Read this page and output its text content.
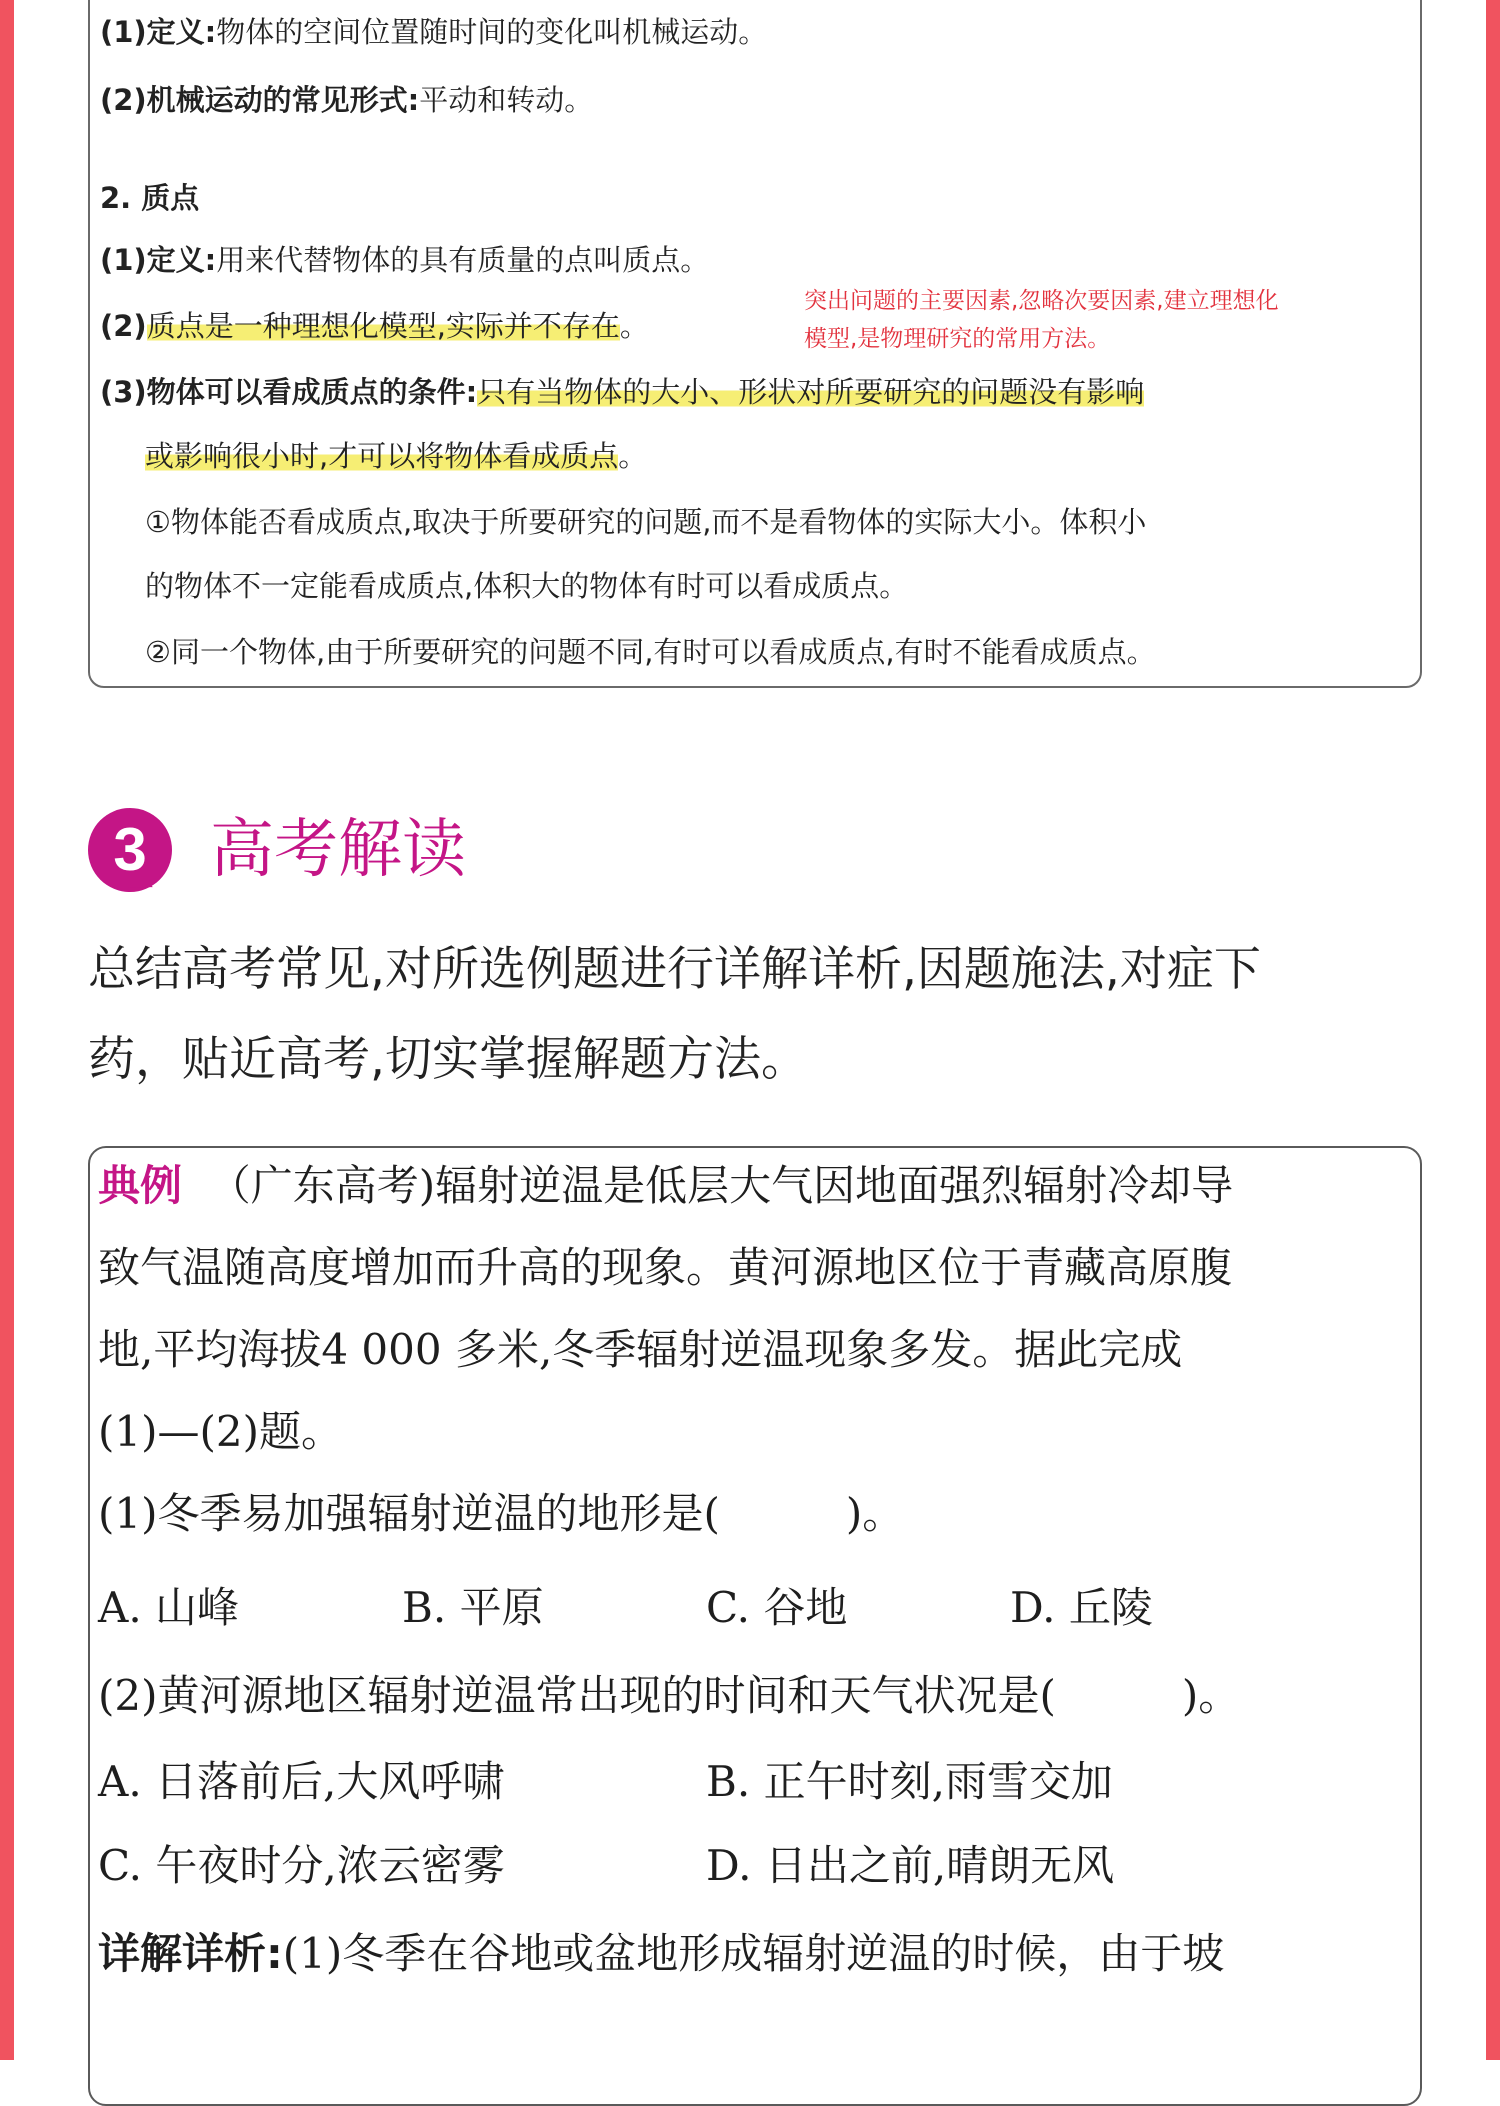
(1)定义:物体的空间位置随时间的变化叫机械运动。
(2)机械运动的常见形式:平动和转动。
2. 质点
(1)定义:用来代替物体的具有质量的点叫质点。
(2)质点是一种理想化模型,实际并不存在。
突出问题的主要因素,忽略次要因素,建立理想化
模型,是物理研究的常用方法。
(3)物体可以看成质点的条件:只有当物体的大小、形状对所要研究的问题没有影响
或影响很小时,才可以将物体看成质点。
①物体能否看成质点,取决于所要研究的问题,而不是看物体的实际大小。体积小
的物体不一定能看成质点,体积大的物体有时可以看成质点。
②同一个物体,由于所要研究的问题不同,有时可以看成质点,有时不能看成质点。
3 高考解读
总结高考常见,对所选例题进行详解详析,因题施法,对症下
药，贴近高考,切实掌握解题方法。
典例 （广东高考)辐射逆温是低层大气因地面强烈辐射冷却导
致气温随高度增加而升高的现象。黄河源地区位于青藏高原腹
地,平均海拔4 000 多米,冬季辐射逆温现象多发。据此完成
(1)—(2)题。
(1)冬季易加强辐射逆温的地形是(　　　)。
A. 山峰	B. 平原	C. 谷地	D. 丘陵
(2)黄河源地区辐射逆温常出现的时间和天气状况是(　　　)。
A. 日落前后,大风呼啸	B. 正午时刻,雨雪交加
C. 午夜时分,浓云密雾	D. 日出之前,晴朗无风
详解详析:(1)冬季在谷地或盆地形成辐射逆温的时候，由于坡
